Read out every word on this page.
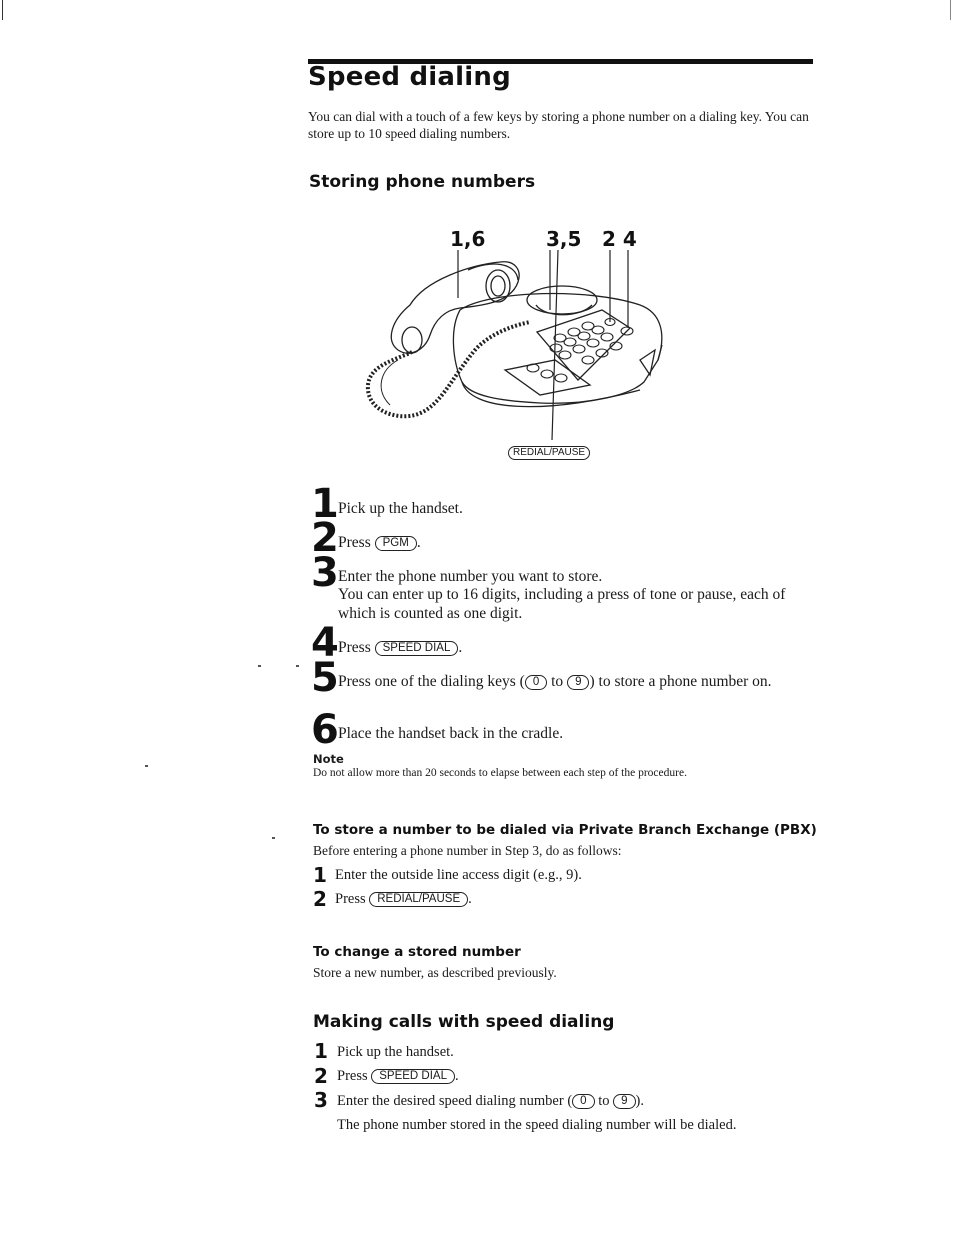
Speed dialing
You can dial with a touch of a few keys by storing a phone number on a dialing key. You can store up to 10 speed dialing numbers.
Storing phone numbers
1,6	3,5 2 4
REDIAL/PAUSE
1 Pick up the handset.
2 Press PGM .
3 Enter the phone number you want to store.
You can enter up to 16 digits, including a press of tone or pause, each of which is counted as one digit.
4 Press SPEED DIAL .
5 Press one of the dialing keys ( 0 to 9 ) to store a phone number on.
6 Place the handset back in the cradle.
Note
Do not allow more than 20 seconds to elapse between each step of the procedure.
To store a number to be dialed via Private Branch Exchange (PBX)
Before entering a phone number in Step 3, do as follows:
1 Enter the outside line access digit (e.g., 9).
2 Press REDIAL/PAUSE .
To change a stored number
Store a new number, as described previously.
Making calls with speed dialing
1 Pick up the handset.
2 Press SPEED DIAL .
3 Enter the desired speed dialing number ( 0 to 9 ).
The phone number stored in the speed dialing number will be dialed.
